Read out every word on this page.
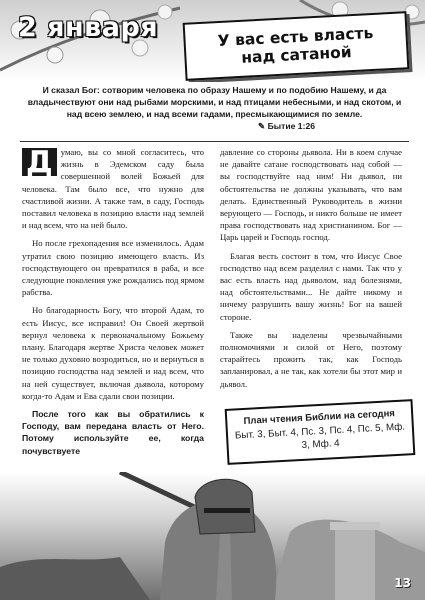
2 января	У вас есть власть
над сатаной
И сказал Бог: сотворим человека по образу Нашему и по подобию Нашему, и да владычествуют они над рыбами морскими, и над птицами небесными, и над скотом, и над всею землею, и над всеми гадами, пресмыкающимися по земле.
✎ Бытие 1:26

Д умаю, вы со мной согласитесь, что жизнь в Эдемском саду была совершенной волей Божьей для человека. Там было все, что нужно для счастливой жизни. А также там, в саду, Господь поставил человека в позицию власти над землей и над всем, что на ней было.

Но после грехопадения все изменилось. Адам утратил свою позицию имеющего власть. Из господствующего он превратился в раба, и все следующие поколения уже рождались под ярмом рабства.

Но благодарность Богу, что второй Адам, то есть Иисус, все исправил! Он Своей жертвой вернул человека к первоначальному Божьему плану. Благодаря жертве Христа человек может не только духовно возродиться, но и вернуться в позицию господства над землей и над всем, что на ней существует, включая дьявола, которому когда-то Адам и Ева сдали свои позиции.

После того как вы обратились к Господу, вам передана власть от Него. Потому используйте ее, когда почувствуете

давление со стороны дьявола. Ни в коем случае не давайте сатане господствовать над собой — вы господствуйте над ним! Ни дьявол, ни обстоятельства не должны указывать, что вам делать. Единственный Руководитель в жизни верующего — Господь, и никто больше не имеет права господствовать над христианином. Бог — Царь царей и Господь господ.

Благая весть состоит в том, что Иисус Свое господство над всем разделил с нами. Так что у вас есть власть над дьяволом, над болезнями, над обстоятельствами... Не дайте никому и ничему разрушить вашу жизнь! Бог на вашей стороне.

Также вы наделены чрезвычайными полномочиями и силой от Него, поэтому старайтесь прожить так, как Господь запланировал, а не так, как хотели бы этот мир и дьявол.

План чтения Библии на сегодня
Быт. 3, Быт. 4, Пс. 3, Пс. 4, Пс. 5, Мф. 3, Мф. 4
13
